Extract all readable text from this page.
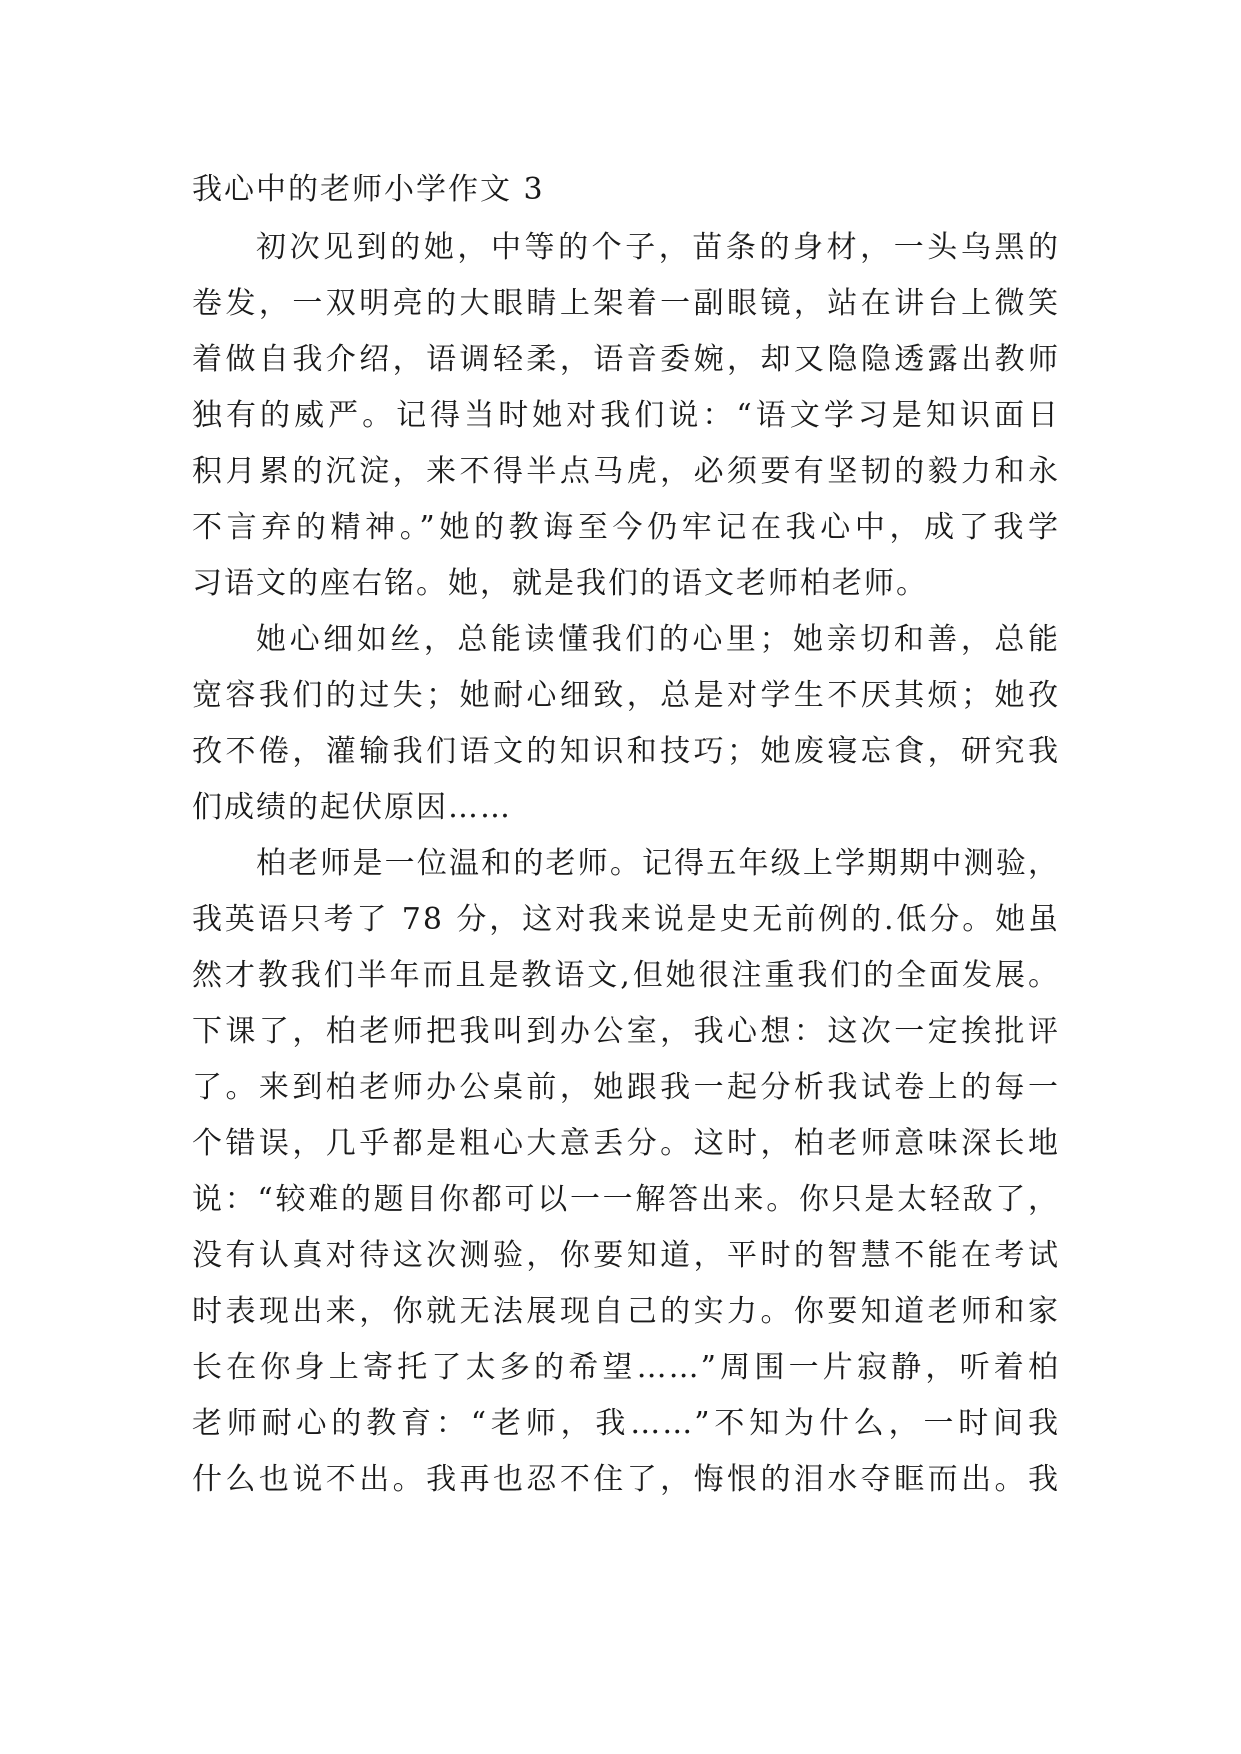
我心中的老师小学作文 3
初次见到的她，中等的个子，苗条的身材，一头乌黑的
卷发，一双明亮的大眼睛上架着一副眼镜，站在讲台上微笑
着做自我介绍，语调轻柔，语音委婉，却又隐隐透露出教师
独有的威严。记得当时她对我们说：“语文学习是知识面日
积月累的沉淀，来不得半点马虎，必须要有坚韧的毅力和永
不言弃的精神。”她的教诲至今仍牢记在我心中，成了我学
习语文的座右铭。她，就是我们的语文老师柏老师。
她心细如丝，总能读懂我们的心里；她亲切和善，总能
宽容我们的过失；她耐心细致，总是对学生不厌其烦；她孜
孜不倦，灌输我们语文的知识和技巧；她废寝忘食，研究我
们成绩的起伏原因……
柏老师是一位温和的老师。记得五年级上学期期中测验，
我英语只考了 78 分，这对我来说是史无前例的.低分。她虽
然才教我们半年而且是教语文,但她很注重我们的全面发展。
下课了，柏老师把我叫到办公室，我心想：这次一定挨批评
了。来到柏老师办公桌前，她跟我一起分析我试卷上的每一
个错误，几乎都是粗心大意丢分。这时，柏老师意味深长地
说：“较难的题目你都可以一一解答出来。你只是太轻敌了，
没有认真对待这次测验，你要知道，平时的智慧不能在考试
时表现出来，你就无法展现自己的实力。你要知道老师和家
长在你身上寄托了太多的希望……”周围一片寂静，听着柏
老师耐心的教育：“老师，我……”不知为什么，一时间我
什么也说不出。我再也忍不住了，悔恨的泪水夺眶而出。我
